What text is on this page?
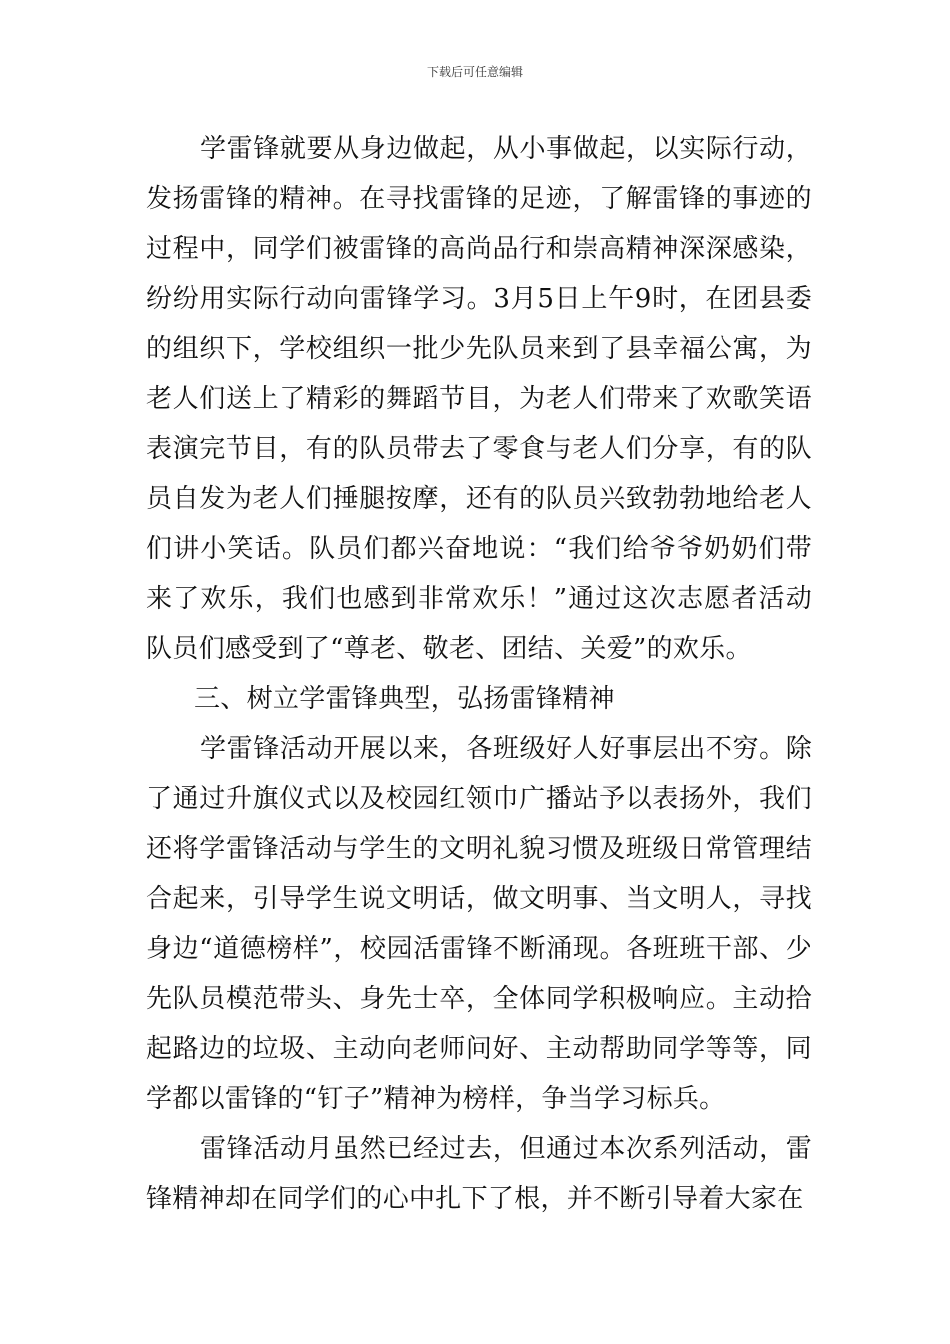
下载后可任意编辑

学雷锋就要从身边做起，从小事做起，以实际行动，发扬雷锋的精神。在寻找雷锋的足迹，了解雷锋的事迹的过程中，同学们被雷锋的高尚品行和崇高精神深深感染，纷纷用实际行动向雷锋学习。3月5日上午9时，在团县委的组织下，学校组织一批少先队员来到了县幸福公寓，为老人们送上了精彩的舞蹈节目，为老人们带来了欢歌笑语表演完节目，有的队员带去了零食与老人们分享，有的队员自发为老人们捶腿按摩，还有的队员兴致勃勃地给老人们讲小笑话。队员们都兴奋地说：“我们给爷爷奶奶们带来了欢乐，我们也感到非常欢乐！”通过这次志愿者活动队员们感受到了“尊老、敬老、团结、关爱”的欢乐。

三、树立学雷锋典型，弘扬雷锋精神

学雷锋活动开展以来，各班级好人好事层出不穷。除了通过升旗仪式以及校园红领巾广播站予以表扬外，我们还将学雷锋活动与学生的文明礼貌习惯及班级日常管理结合起来，引导学生说文明话，做文明事、当文明人，寻找身边“道德榜样”，校园活雷锋不断涌现。各班班干部、少先队员模范带头、身先士卒，全体同学积极响应。主动拾起路边的垃圾、主动向老师问好、主动帮助同学等等，同学都以雷锋的“钉子”精神为榜样，争当学习标兵。

雷锋活动月虽然已经过去，但通过本次系列活动，雷锋精神却在同学们的心中扎下了根，并不断引导着大家在
